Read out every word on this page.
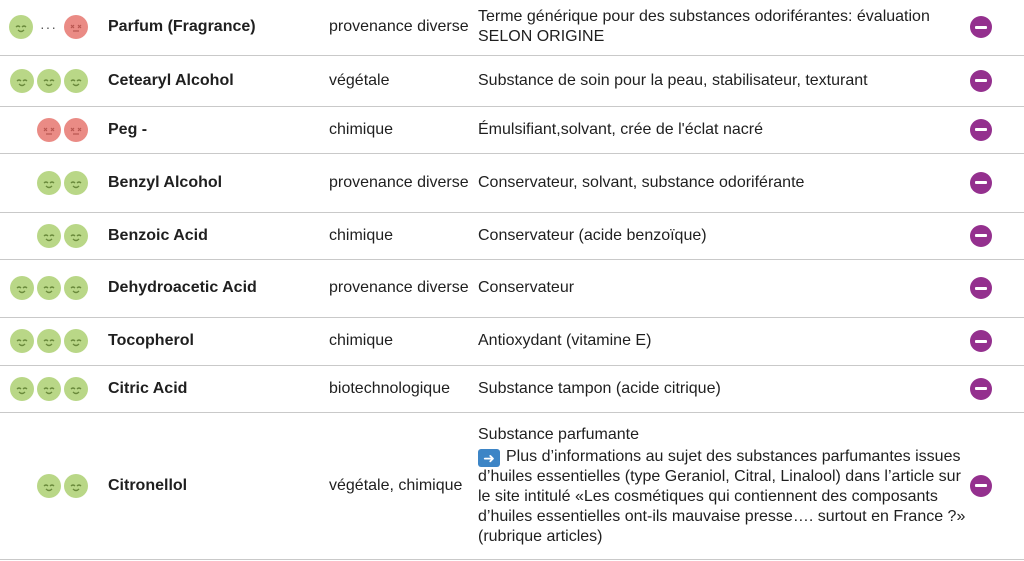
···	Parfum (Fragrance)	provenance diverse	Terme générique pour des substances odoriférantes: évaluation SELON ORIGINE	

	Cetearyl Alcohol	végétale	Substance de soin pour la peau, stabilisateur, texturant	

	Peg -	chimique	Émulsifiant,solvant, crée de l'éclat nacré	

	Benzyl Alcohol	provenance diverse	Conservateur, solvant, substance odoriférante	

	Benzoic Acid	chimique	Conservateur (acide benzoïque)	

	Dehydroacetic Acid	provenance diverse	Conservateur	

	Tocopherol	chimique	Antioxydant (vitamine E)	

	Citric Acid	biotechnologique	Substance tampon (acide citrique)	

	Citronellol	végétale, chimique	Substance parfumante
➜ Plus d’informations au sujet des substances parfumantes issues d’huiles essentielles (type Geraniol, Citral, Linalool) dans l’article sur le site intitulé «Les cosmétiques qui contiennent des composants d’huiles essentielles ont-ils mauvaise presse…. surtout en France ?» (rubrique articles)	
